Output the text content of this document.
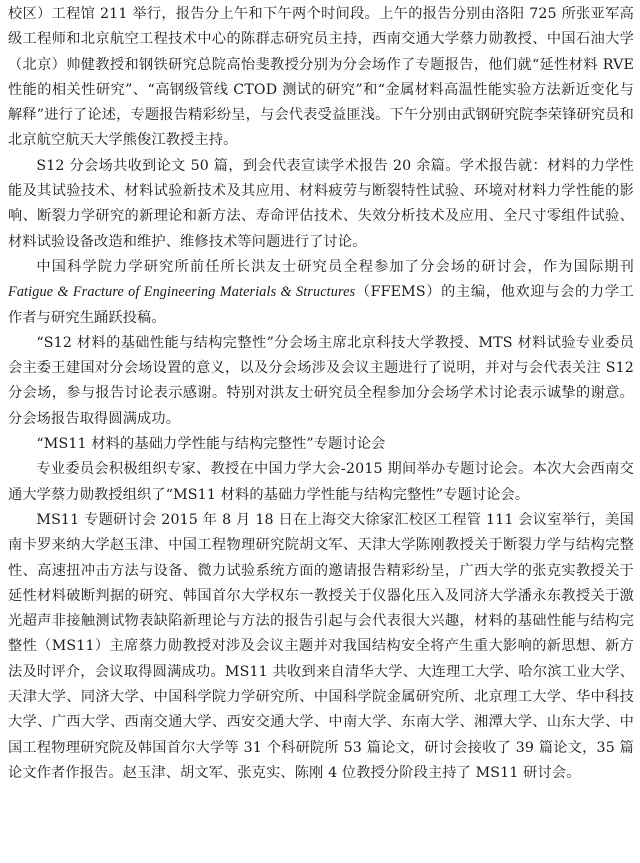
校区）工程馆 211 举行，报告分上午和下午两个时间段。上午的报告分别由洛阳 725 所张亚军高级工程师和北京航空工程技术中心的陈群志研究员主持，西南交通大学蔡力勋教授、中国石油大学（北京）帅健教授和钢铁研究总院高怡斐教授分别为分会场作了专题报告，他们就“延性材料 RVE 性能的相关性研究”、“高钢级管线 CTOD 测试的研究”和“金属材料高温性能实验方法新近变化与解释”进行了论述，专题报告精彩纷呈，与会代表受益匪浅。下午分别由武钢研究院李荣锋研究员和北京航空航天大学熊俊江教授主持。

S12 分会场共收到论文 50 篇，到会代表宣读学术报告 20 余篇。学术报告就：材料的力学性能及其试验技术、材料试验新技术及其应用、材料疲劳与断裂特性试验、环境对材料力学性能的影响、断裂力学研究的新理论和新方法、寿命评估技术、失效分析技术及应用、全尺寸零组件试验、材料试验设备改造和维护、维修技术等问题进行了讨论。

中国科学院力学研究所前任所长洪友士研究员全程参加了分会场的研讨会，作为国际期刊 Fatigue & Fracture of Engineering Materials & Structures（FFEMS）的主编，他欢迎与会的力学工作者与研究生踊跃投稿。

“S12 材料的基础性能与结构完整性”分会场主席北京科技大学教授、MTS 材料试验专业委员会主委王建国对分会场设置的意义，以及分会场涉及会议主题进行了说明，并对与会代表关注 S12 分会场，参与报告讨论表示感谢。特别对洪友士研究员全程参加分会场学术讨论表示诚挚的谢意。分会场报告取得圆满成功。

“MS11 材料的基础力学性能与结构完整性”专题讨论会

专业委员会积极组织专家、教授在中国力学大会-2015 期间举办专题讨论会。本次大会西南交通大学蔡力勋教授组织了“MS11 材料的基础力学性能与结构完整性”专题讨论会。

MS11 专题研讨会 2015 年 8 月 18 日在上海交大徐家汇校区工程管 111 会议室举行，美国南卡罗来纳大学赵玉津、中国工程物理研究院胡文军、天津大学陈刚教授关于断裂力学与结构完整性、高速扭冲击方法与设备、微力试验系统方面的邀请报告精彩纷呈，广西大学的张克实教授关于延性材料破断判据的研究、韩国首尔大学权东一教授关于仪器化压入及同济大学潘永东教授关于激光超声非接触测试物表缺陷新理论与方法的报告引起与会代表很大兴趣，材料的基础性能与结构完整性（MS11）主席蔡力勋教授对涉及会议主题并对我国结构安全将产生重大影响的新思想、新方法及时评介，会议取得圆满成功。MS11 共收到来自清华大学、大连理工大学、哈尔滨工业大学、天津大学、同济大学、中国科学院力学研究所、中国科学院金属研究所、北京理工大学、华中科技大学、广西大学、西南交通大学、西安交通大学、中南大学、东南大学、湘潭大学、山东大学、中国工程物理研究院及韩国首尔大学等 31 个科研院所 53 篇论文，研讨会接收了 39 篇论文，35 篇论文作者作报告。赵玉津、胡文军、张克实、陈刚 4 位教授分阶段主持了 MS11 研讨会。
